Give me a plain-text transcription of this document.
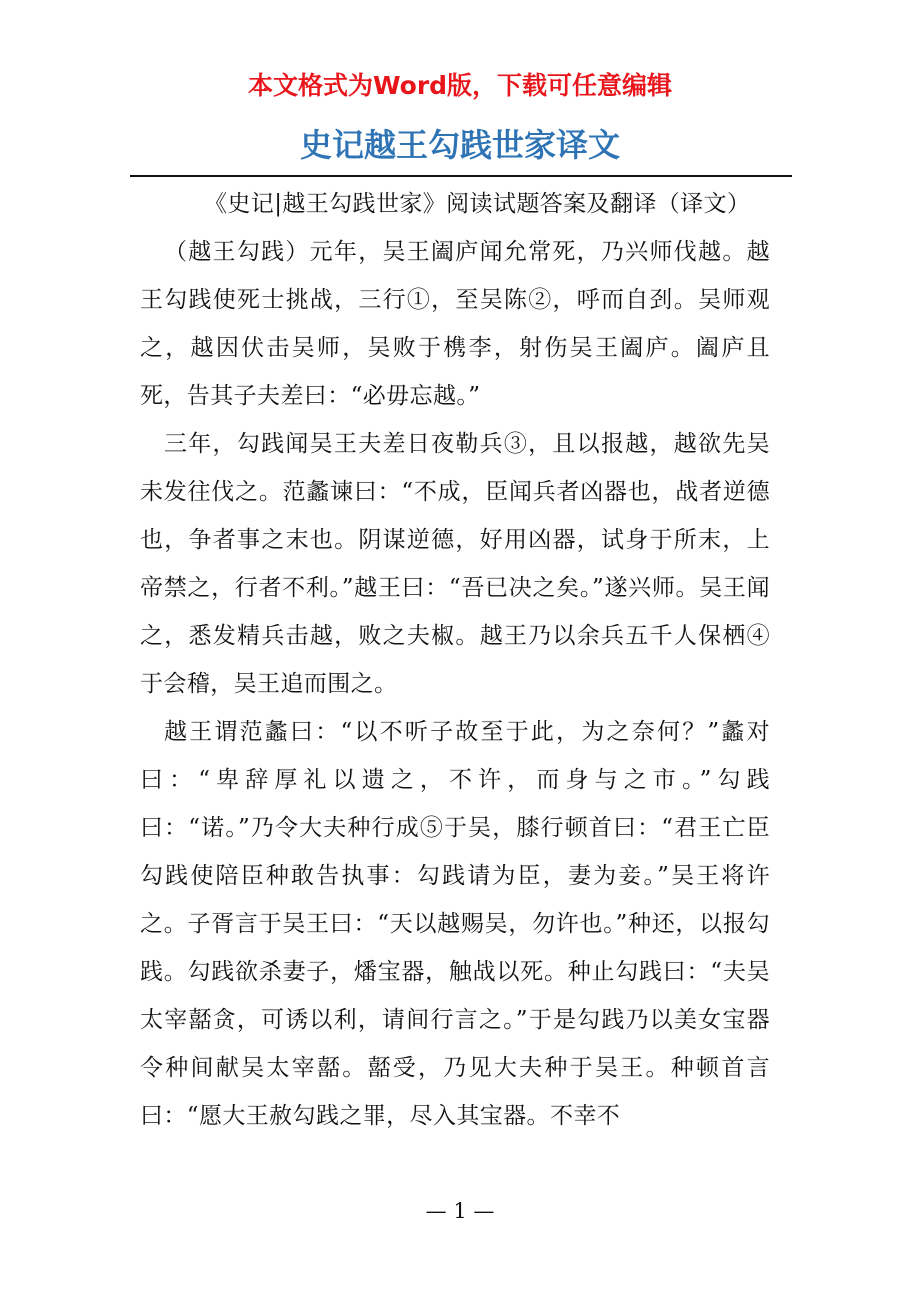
本文格式为Word版，下载可任意编辑
史记越王勾践世家译文

《史记|越王勾践世家》阅读试题答案及翻译（译文）

（越王勾践）元年，吴王阖庐闻允常死，乃兴师伐越。越王勾践使死士挑战，三行①，至吴陈②，呼而自刭。吴师观之，越因伏击吴师，吴败于槜李，射伤吴王阖庐。阖庐且死，告其子夫差曰：“必毋忘越。”

三年，勾践闻吴王夫差日夜勒兵③，且以报越，越欲先吴未发往伐之。范蠡谏曰：“不成，臣闻兵者凶器也，战者逆德也，争者事之末也。阴谋逆德，好用凶器，试身于所末，上帝禁之，行者不利。”越王曰：“吾已决之矣。”遂兴师。吴王闻之，悉发精兵击越，败之夫椒。越王乃以余兵五千人保栖④于会稽，吴王追而围之。

越王谓范蠡曰：“以不听子故至于此，为之奈何？”蠡对曰：“卑辞厚礼以遗之，不许，而身与之市。”勾践曰：“诺。”乃令大夫种行成⑤于吴，膝行顿首曰：“君王亡臣勾践使陪臣种敢告执事：勾践请为臣，妻为妾。”吴王将许之。子胥言于吴王曰：“天以越赐吴，勿许也。”种还，以报勾践。勾践欲杀妻子，燔宝器，触战以死。种止勾践曰：“夫吴太宰嚭贪，可诱以利，请间行言之。”于是勾践乃以美女宝器令种间献吴太宰嚭。嚭受，乃见大夫种于吴王。种顿首言曰：“愿大王赦勾践之罪，尽入其宝器。不幸不

— 1 —
